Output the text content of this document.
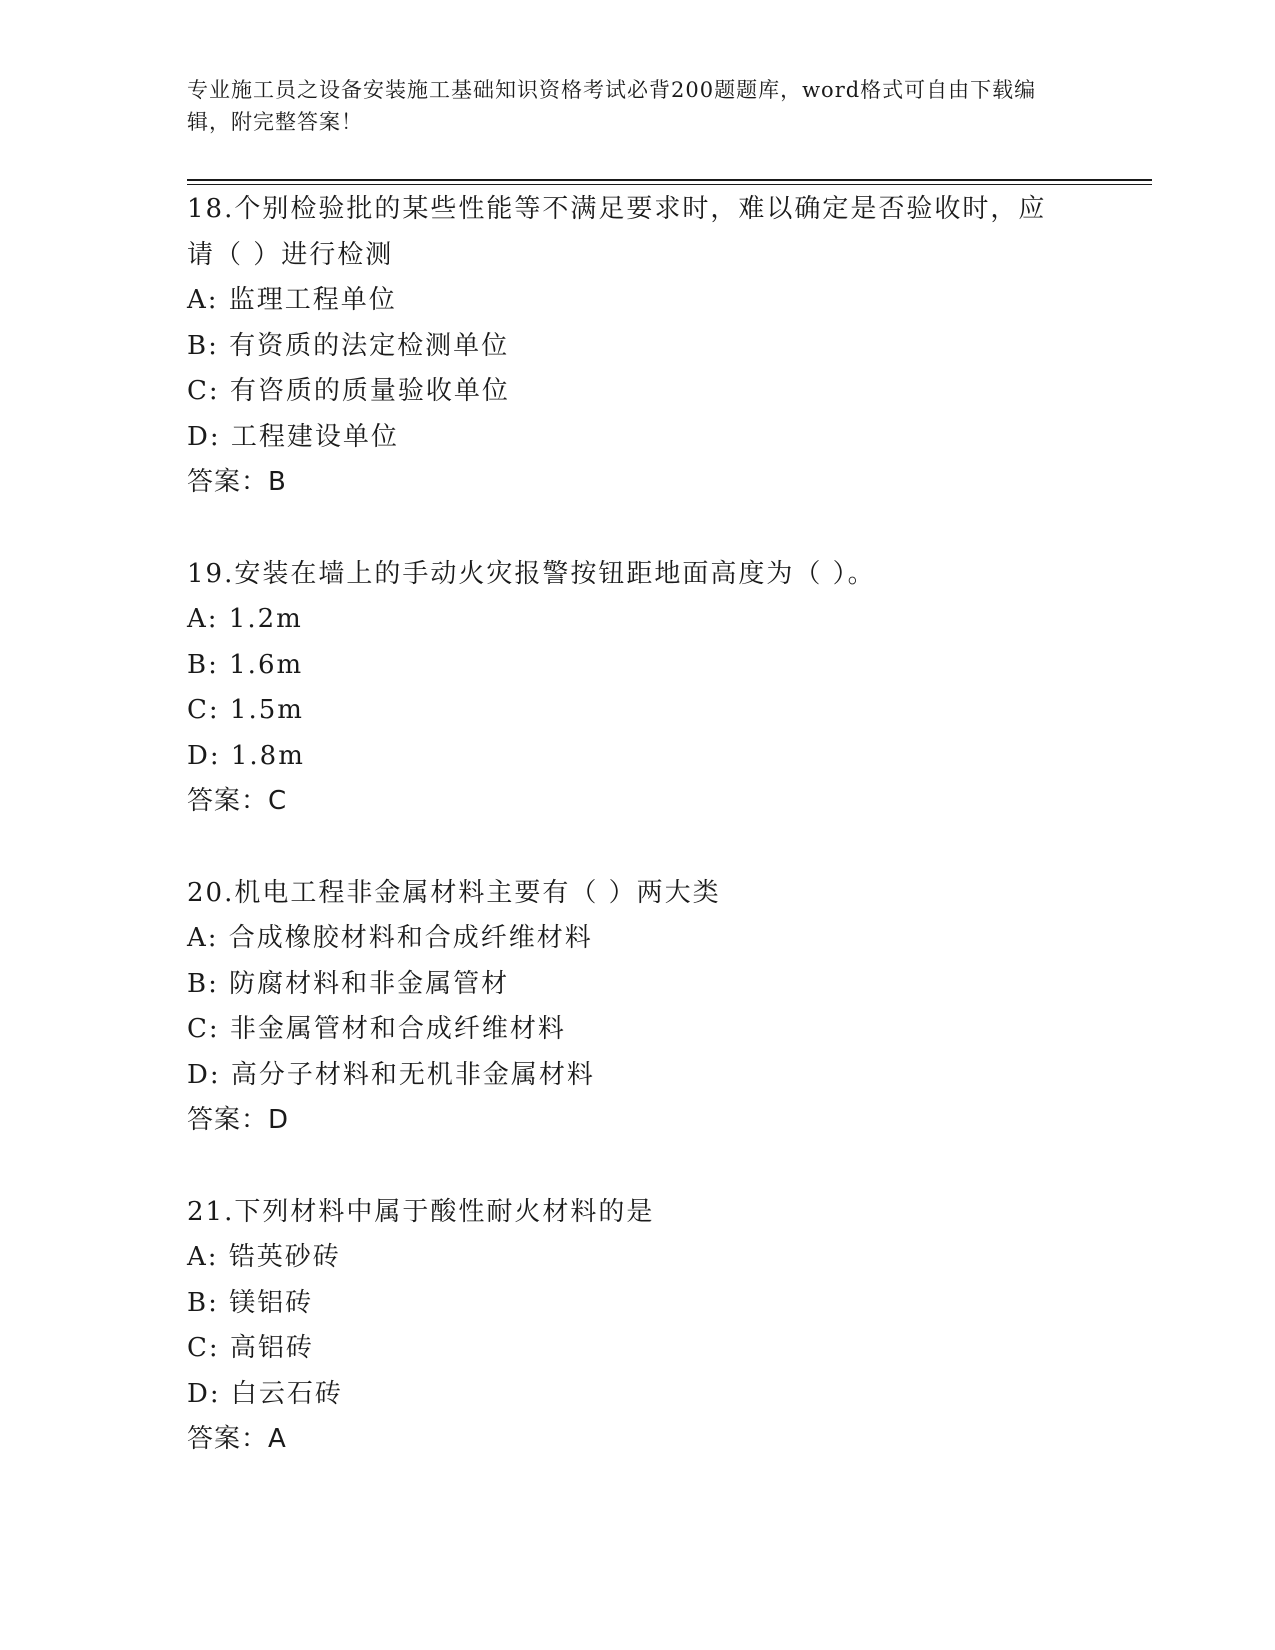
专业施工员之设备安装施工基础知识资格考试必背200题题库，word格式可自由下载编辑，附完整答案！
18.个别检验批的某些性能等不满足要求时，难以确定是否验收时，应请（ ）进行检测
A: 监理工程单位
B: 有资质的法定检测单位
C: 有咨质的质量验收单位
D: 工程建设单位
答案：B
19.安装在墙上的手动火灾报警按钮距地面高度为（ ）。
A: 1.2m
B: 1.6m
C: 1.5m
D: 1.8m
答案：C
20.机电工程非金属材料主要有（ ）两大类
A: 合成橡胶材料和合成纤维材料
B: 防腐材料和非金属管材
C: 非金属管材和合成纤维材料
D: 高分子材料和无机非金属材料
答案：D
21.下列材料中属于酸性耐火材料的是
A: 锆英砂砖
B: 镁铝砖
C: 高铝砖
D: 白云石砖
答案：A
